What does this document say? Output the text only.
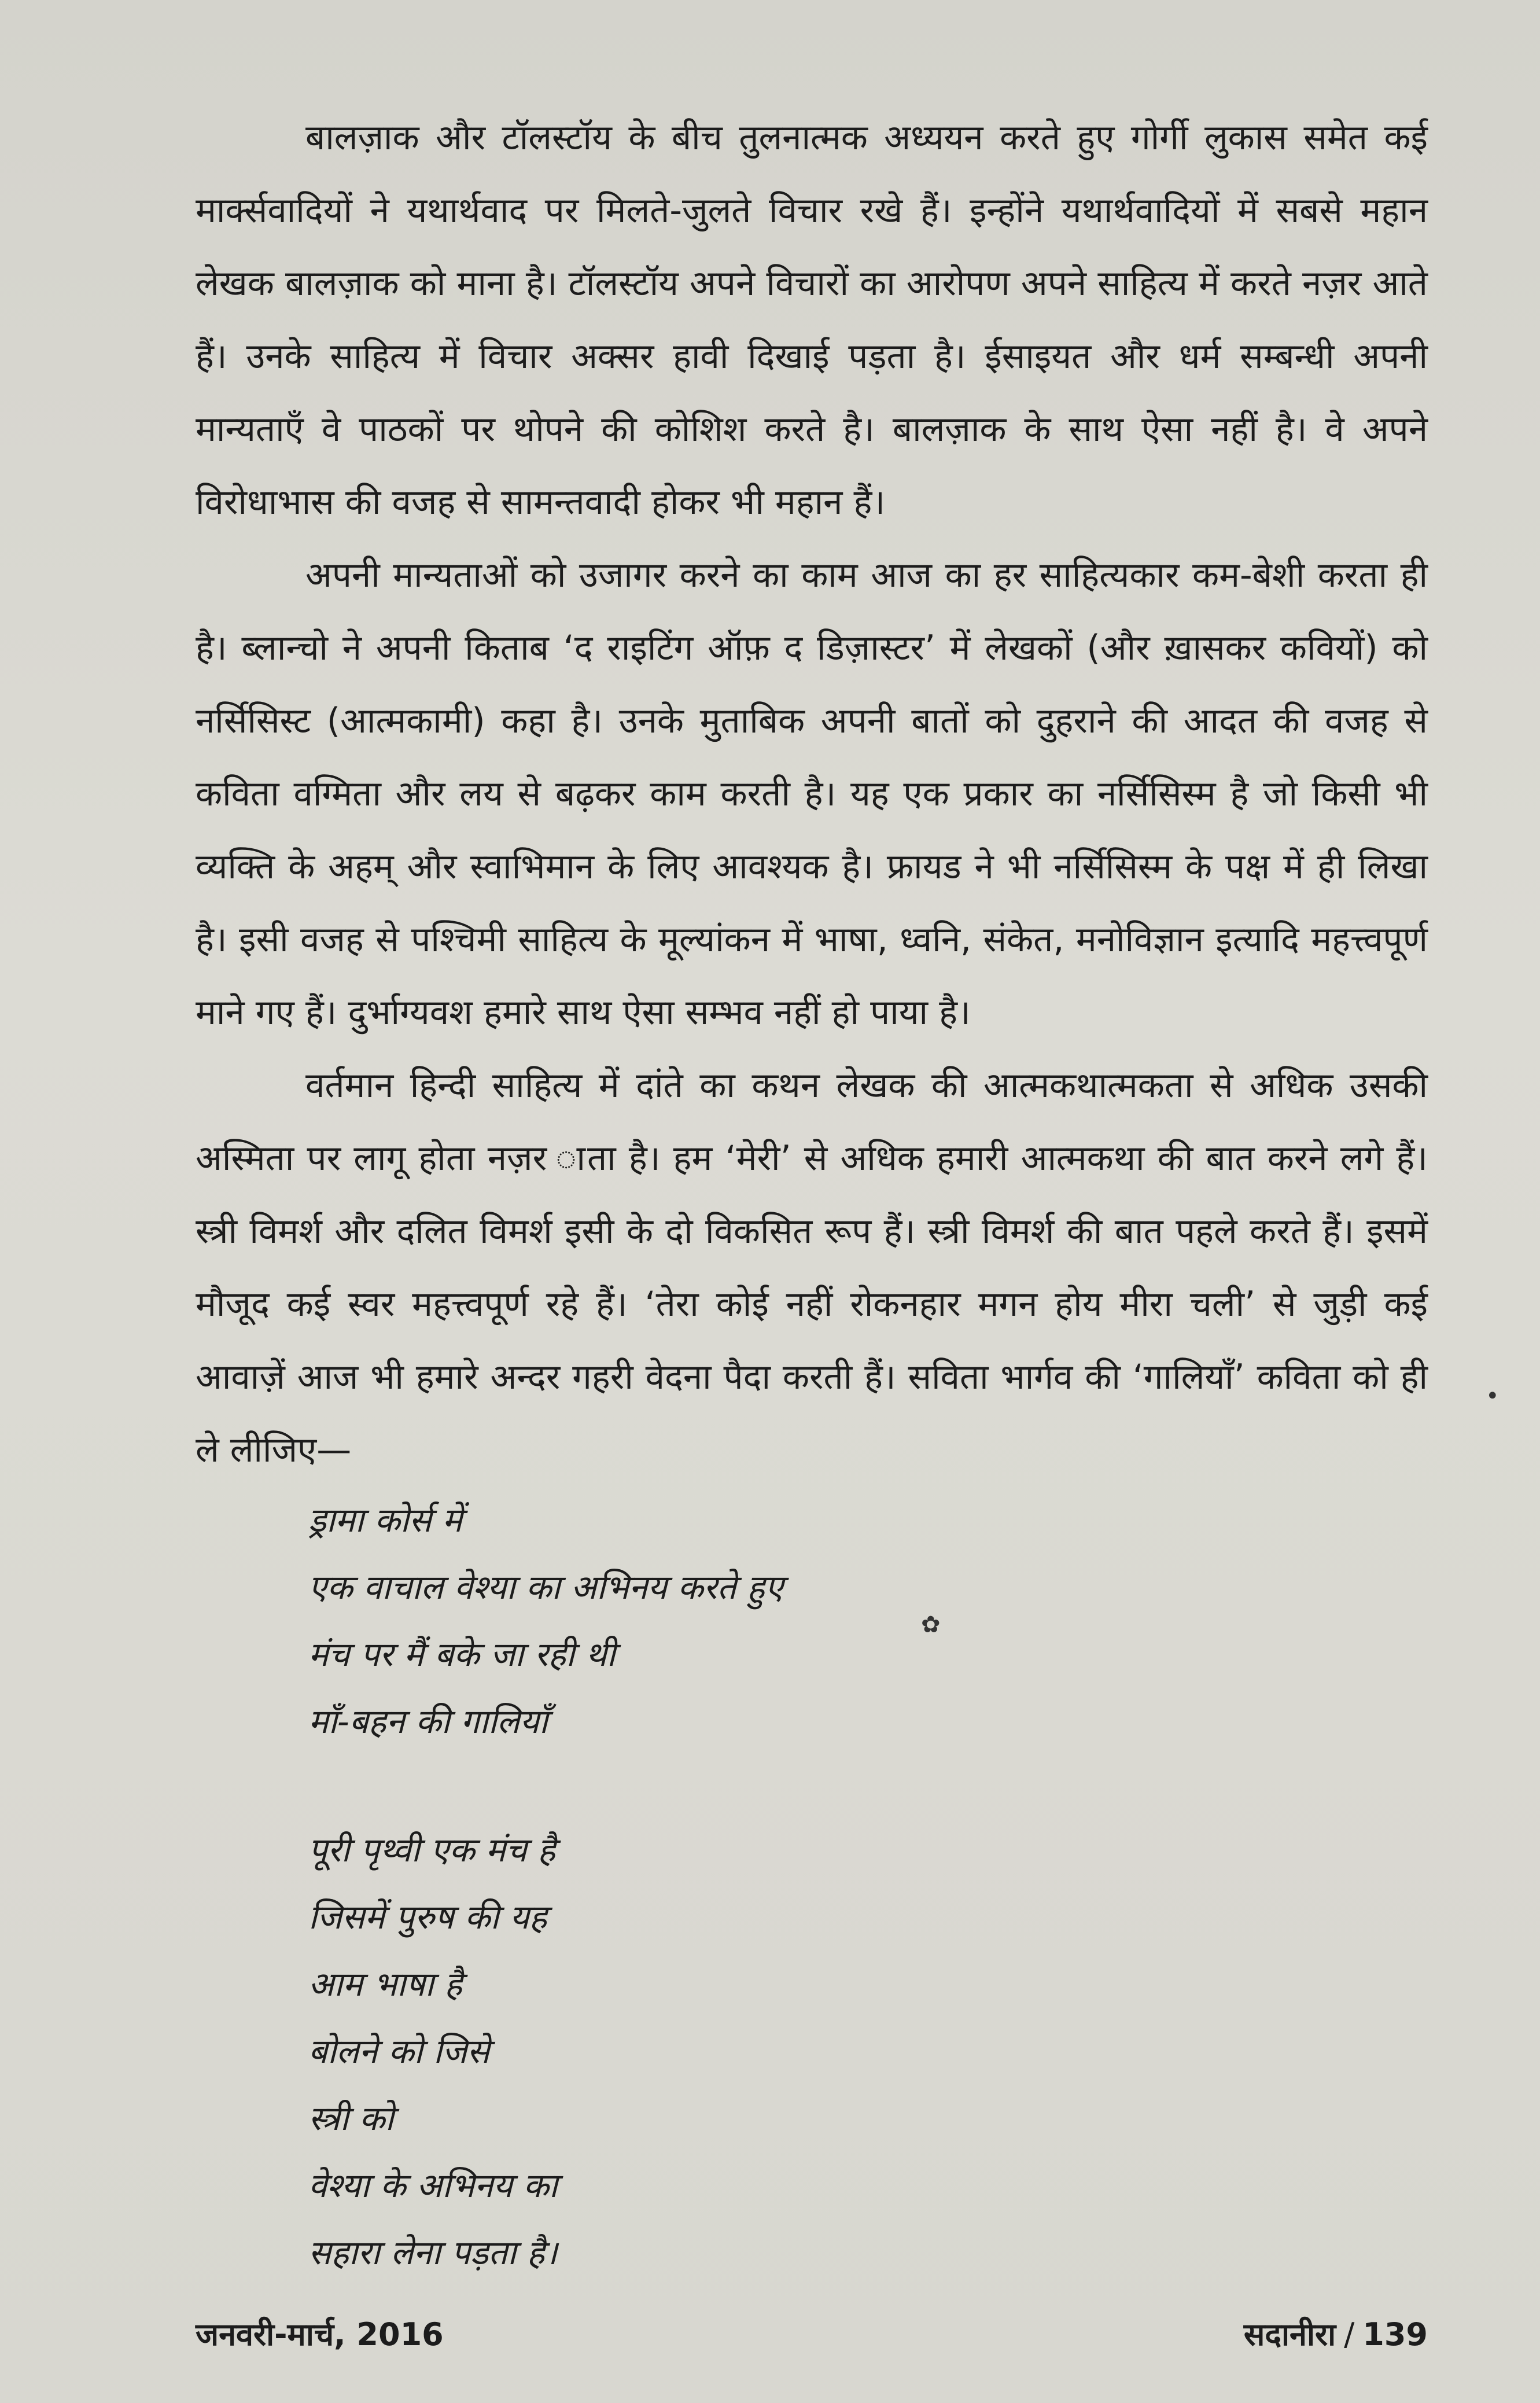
बालज़ाक और टॉलस्टॉय के बीच तुलनात्मक अध्ययन करते हुए गोर्गी लुकास समेत कई मार्क्सवादियों ने यथार्थवाद पर मिलते-जुलते विचार रखे हैं। इन्होंने यथार्थवादियों में सबसे महान लेखक बालज़ाक को माना है। टॉलस्टॉय अपने विचारों का आरोपण अपने साहित्य में करते नज़र आते हैं। उनके साहित्य में विचार अक्सर हावी दिखाई पड़ता है। ईसाइयत और धर्म सम्बन्धी अपनी मान्यताएँ वे पाठकों पर थोपने की कोशिश करते है। बालज़ाक के साथ ऐसा नहीं है। वे अपने विरोधाभास की वजह से सामन्तवादी होकर भी महान हैं।

अपनी मान्यताओं को उजागर करने का काम आज का हर साहित्यकार कम-बेशी करता ही है। ब्लान्चो ने अपनी किताब ‘द राइटिंग ऑफ़ द डिज़ास्टर’ में लेखकों (और ख़ासकर कवियों) को नर्सिसिस्ट (आत्मकामी) कहा है। उनके मुताबिक अपनी बातों को दुहराने की आदत की वजह से कविता वग्मिता और लय से बढ़कर काम करती है। यह एक प्रकार का नर्सिसिस्म है जो किसी भी व्यक्ति के अहम् और स्वाभिमान के लिए आवश्यक है। फ्रायड ने भी नर्सिसिस्म के पक्ष में ही लिखा है। इसी वजह से पश्चिमी साहित्य के मूल्यांकन में भाषा, ध्वनि, संकेत, मनोविज्ञान इत्यादि महत्त्वपूर्ण माने गए हैं। दुर्भाग्यवश हमारे साथ ऐसा सम्भव नहीं हो पाया है।

वर्तमान हिन्दी साहित्य में दांते का कथन लेखक की आत्मकथात्मकता से अधिक उसकी अस्मिता पर लागू होता नज़र ाता है। हम ‘मेरी’ से अधिक हमारी आत्मकथा की बात करने लगे हैं। स्त्री विमर्श और दलित विमर्श इसी के दो विकसित रूप हैं। स्त्री विमर्श की बात पहले करते हैं। इसमें मौजूद कई स्वर महत्त्वपूर्ण रहे हैं। ‘तेरा कोई नहीं रोकनहार मगन होय मीरा चली’ से जुड़ी कई आवाज़ें आज भी हमारे अन्दर गहरी वेदना पैदा करती हैं। सविता भार्गव की ‘गालियाँ’ कविता को ही ले लीजिए—

ड्रामा कोर्स में
एक वाचाल वेश्या का अभिनय करते हुए
मंच पर मैं बके जा रही थी
माँ-बहन की गालियाँ
पूरी पृथ्वी एक मंच है
जिसमें पुरुष की यह
आम भाषा है
बोलने को जिसे
स्त्री को
वेश्या के अभिनय का
सहारा लेना पड़ता है।
✿
•
जनवरी-मार्च, 2016	सदानीरा / 139
